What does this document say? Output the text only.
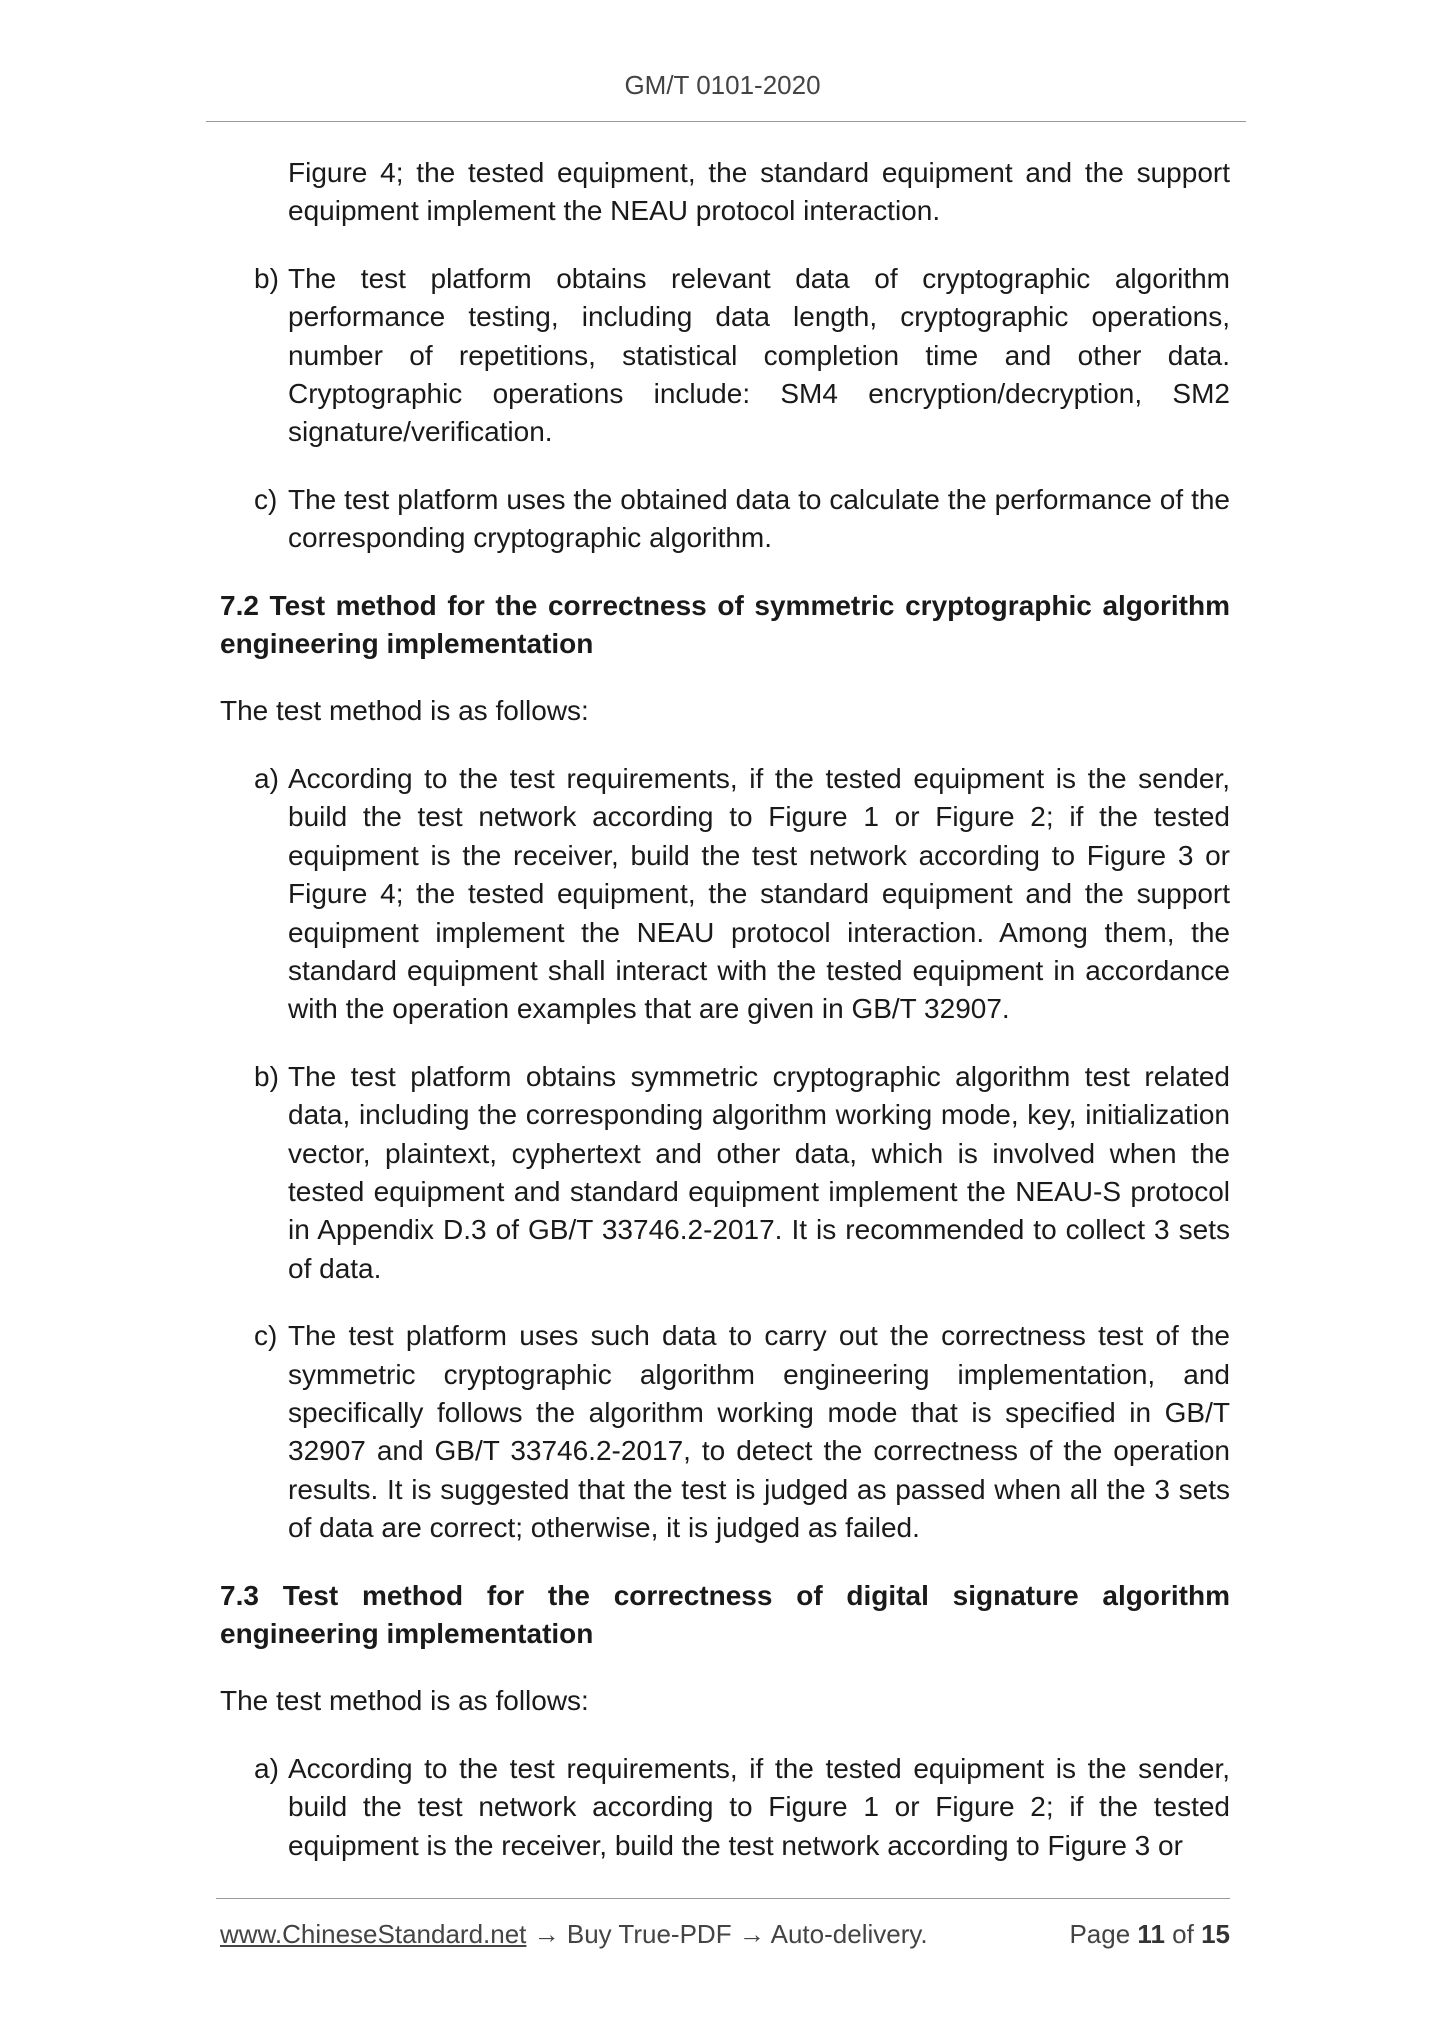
GM/T 0101-2020
Figure 4; the tested equipment, the standard equipment and the support equipment implement the NEAU protocol interaction.
b) The test platform obtains relevant data of cryptographic algorithm performance testing, including data length, cryptographic operations, number of repetitions, statistical completion time and other data. Cryptographic operations include: SM4 encryption/decryption, SM2 signature/verification.
c) The test platform uses the obtained data to calculate the performance of the corresponding cryptographic algorithm.
7.2 Test method for the correctness of symmetric cryptographic algorithm engineering implementation
The test method is as follows:
a) According to the test requirements, if the tested equipment is the sender, build the test network according to Figure 1 or Figure 2; if the tested equipment is the receiver, build the test network according to Figure 3 or Figure 4; the tested equipment, the standard equipment and the support equipment implement the NEAU protocol interaction. Among them, the standard equipment shall interact with the tested equipment in accordance with the operation examples that are given in GB/T 32907.
b) The test platform obtains symmetric cryptographic algorithm test related data, including the corresponding algorithm working mode, key, initialization vector, plaintext, cyphertext and other data, which is involved when the tested equipment and standard equipment implement the NEAU-S protocol in Appendix D.3 of GB/T 33746.2-2017. It is recommended to collect 3 sets of data.
c) The test platform uses such data to carry out the correctness test of the symmetric cryptographic algorithm engineering implementation, and specifically follows the algorithm working mode that is specified in GB/T 32907 and GB/T 33746.2-2017, to detect the correctness of the operation results. It is suggested that the test is judged as passed when all the 3 sets of data are correct; otherwise, it is judged as failed.
7.3 Test method for the correctness of digital signature algorithm engineering implementation
The test method is as follows:
a) According to the test requirements, if the tested equipment is the sender, build the test network according to Figure 1 or Figure 2; if the tested equipment is the receiver, build the test network according to Figure 3 or
www.ChineseStandard.net → Buy True-PDF → Auto-delivery.	Page 11 of 15
